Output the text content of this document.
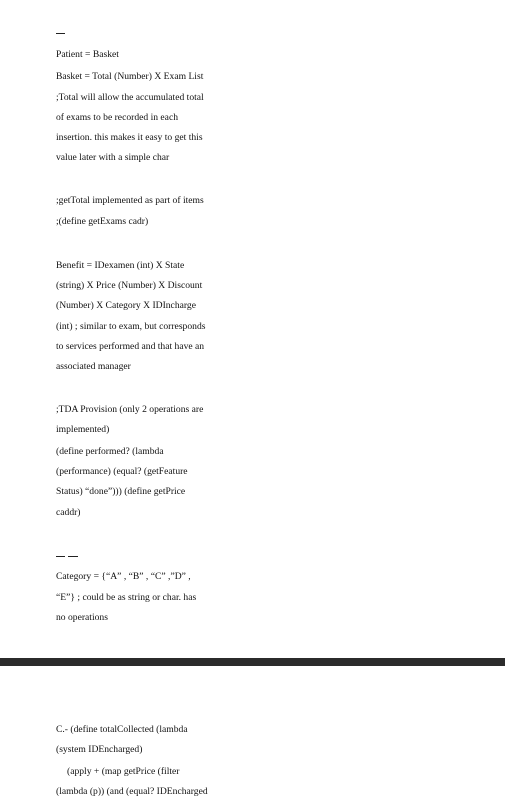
Patient = Basket
Basket = Total (Number) X Exam List
;Total will allow the accumulated total
of exams to be recorded in each
insertion. this makes it easy to get this
value later with a simple char
;getTotal implemented as part of items
;(define getExams cadr)
Benefit = IDexamen (int) X State
(string) X Price (Number) X Discount
(Number) X Category X IDIncharge
(int) ; similar to exam, but corresponds
to services performed and that have an
associated manager
;TDA Provision (only 2 operations are
implemented)
(define performed? (lambda
(performance) (equal? (getFeature
Status) “done”))) (define getPrice
caddr)
Category = {“A” , “B” , “C” ,”D” ,
“E”} ; could be as string or char. has
no operations
C.- (define totalCollected (lambda
(system IDEncharged)
(apply + (map getPrice (filter
(lambda (p)) (and (equal? IDEncharged
